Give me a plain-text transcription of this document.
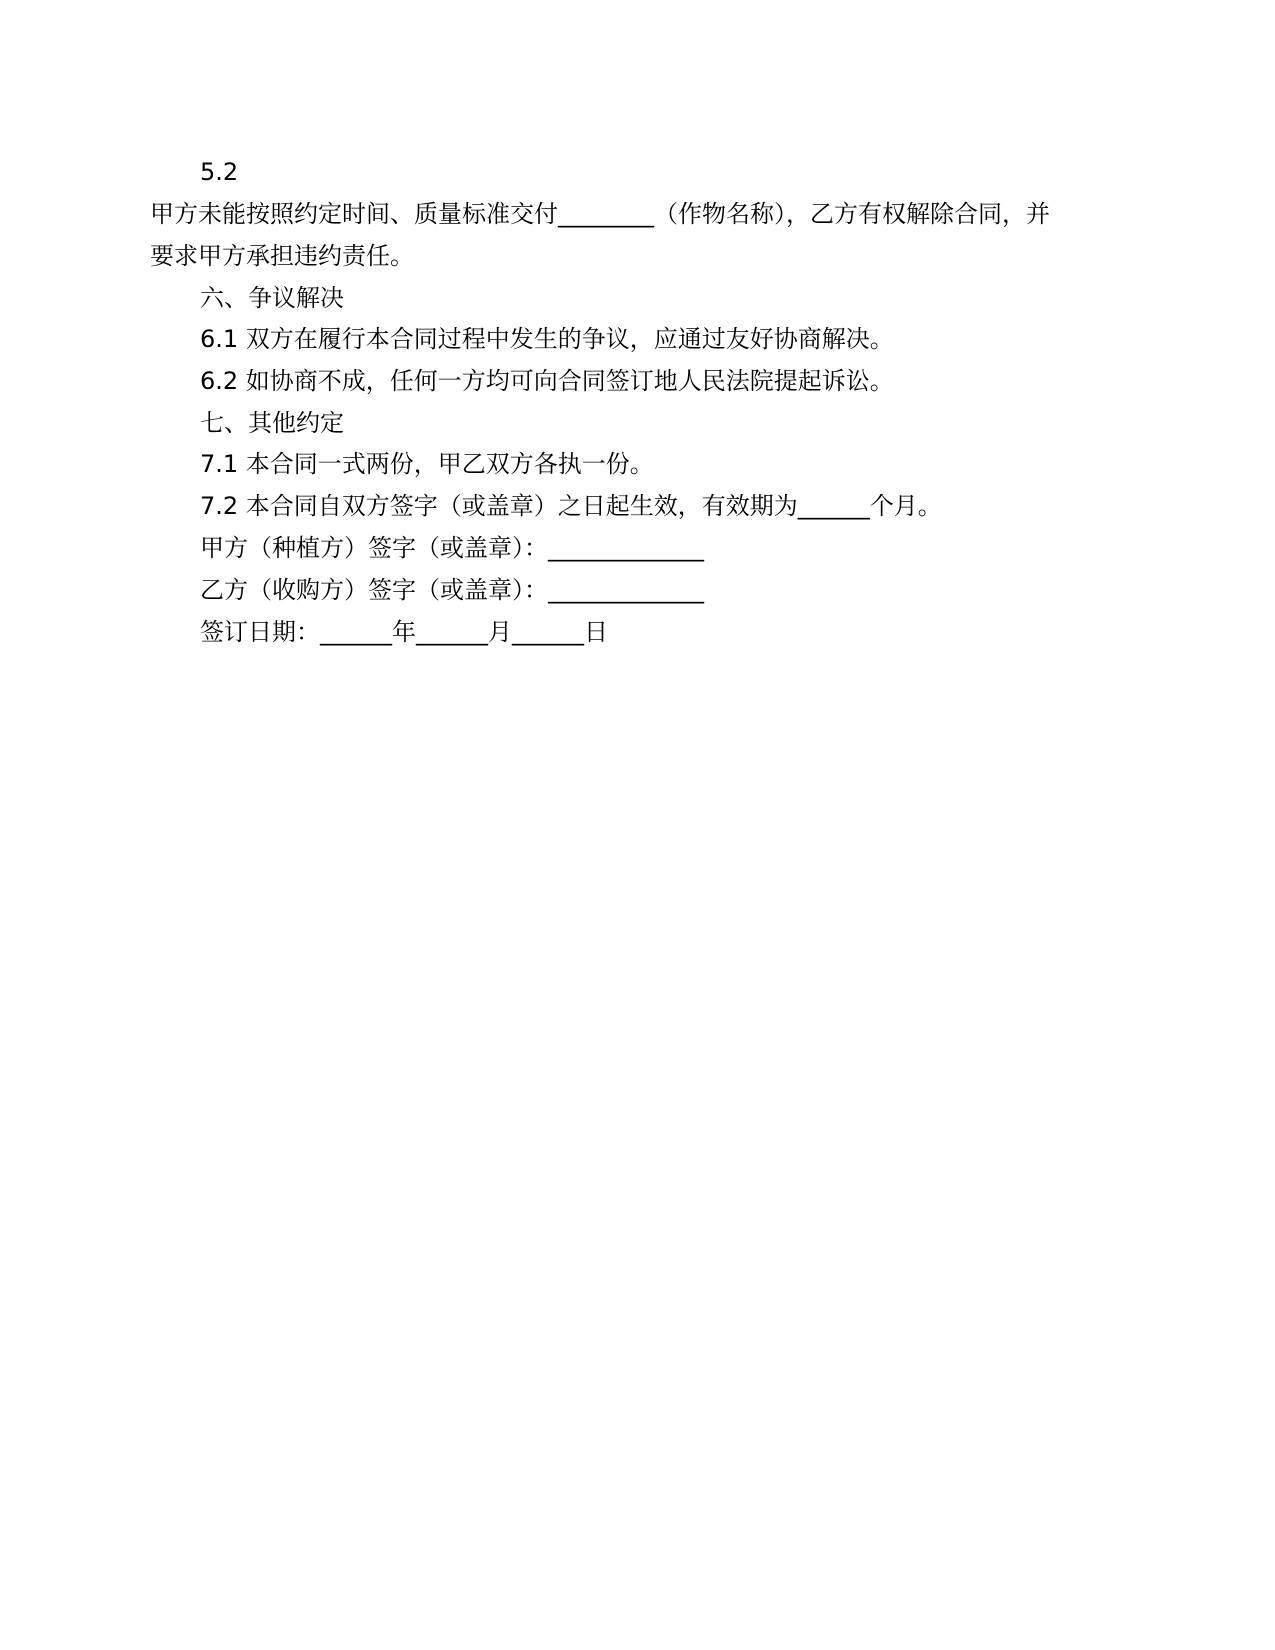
5.2
甲方未能按照约定时间、质量标准交付________（作物名称），乙方有权解除合同，并
要求甲方承担违约责任。
六、争议解决
6.1 双方在履行本合同过程中发生的争议，应通过友好协商解决。
6.2 如协商不成，任何一方均可向合同签订地人民法院提起诉讼。
七、其他约定
7.1 本合同一式两份，甲乙双方各执一份。
7.2 本合同自双方签字（或盖章）之日起生效，有效期为______个月。
甲方（种植方）签字（或盖章）：_____________
乙方（收购方）签字（或盖章）：_____________
签订日期：______年______月______日
